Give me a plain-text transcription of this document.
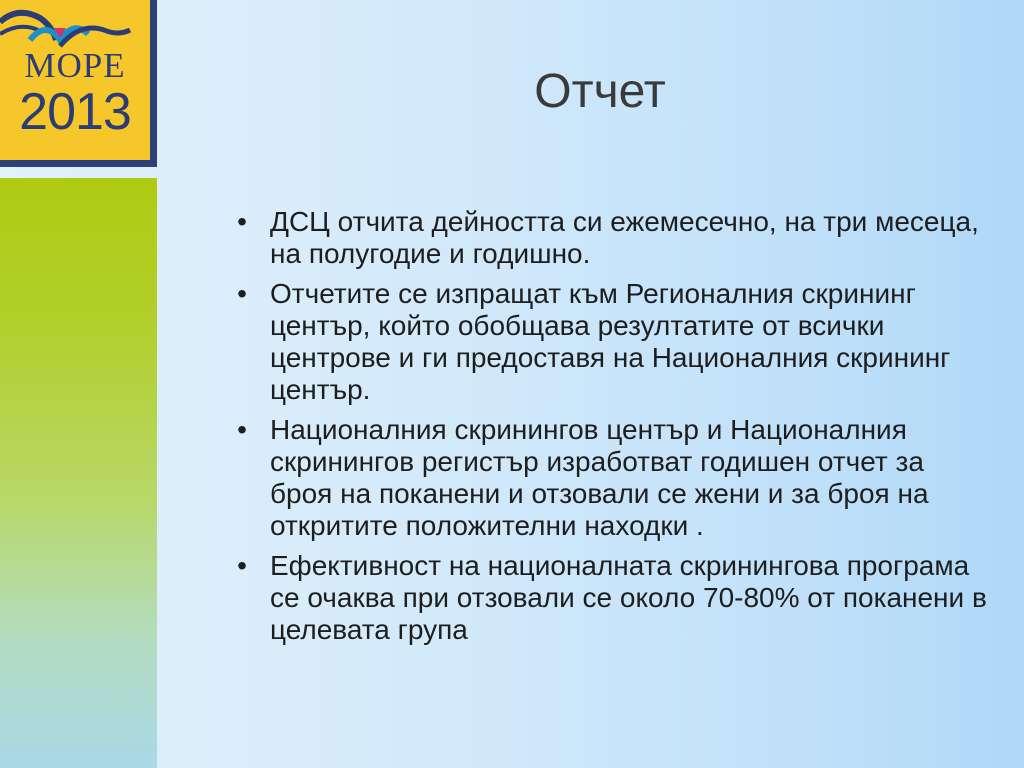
МОРЕ
2013	Отчет
• ДСЦ отчита дейността си ежемесечно, на три месеца, на полугодие и годишно.
• Отчетите се изпращат към Регионалния скрининг център, който обобщава резултатите от всички центрове и ги предоставя на Националния скрининг център.
• Националния скринингов център и Националния скринингов регистър изработват годишен отчет за броя на поканени и отзовали се жени и за броя на откритите положителни находки .
• Ефективност на националната скринингова програма се очаква при отзовали се около 70-80% от поканени в целевата група
